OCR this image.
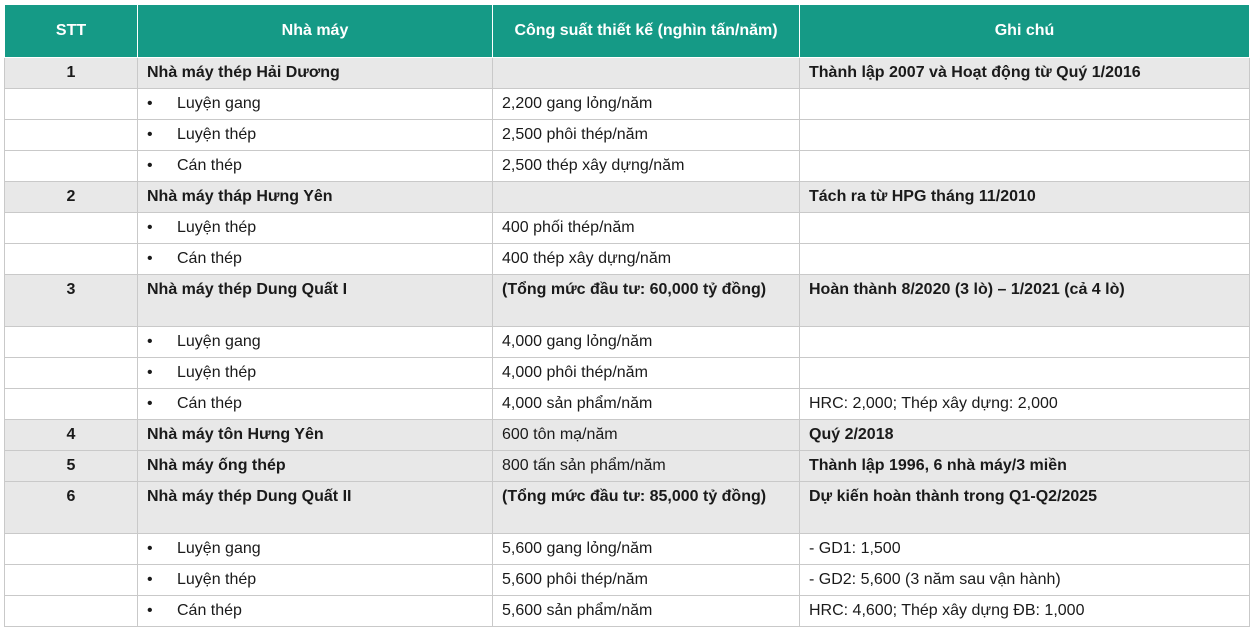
STT	Nhà máy	Công suất thiết kế (nghìn tấn/năm)	Ghi chú
1	Nhà máy thép Hải Dương		Thành lập 2007 và Hoạt động từ Quý 1/2016
	• Luyện gang	2,200 gang lỏng/năm	
	• Luyện thép	2,500 phôi thép/năm	
	• Cán thép	2,500 thép xây dựng/năm	
2	Nhà máy tháp Hưng Yên		Tách ra từ HPG tháng 11/2010
	• Luyện thép	400 phối thép/năm	
	• Cán thép	400 thép xây dựng/năm	
3	Nhà máy thép Dung Quất I	(Tổng mức đầu tư: 60,000 tỷ đồng)	Hoàn thành 8/2020 (3 lò) – 1/2021 (cả 4 lò)
	• Luyện gang	4,000 gang lỏng/năm	
	• Luyện thép	4,000 phôi thép/năm	
	• Cán thép	4,000 sản phẩm/năm	HRC: 2,000; Thép xây dựng: 2,000
4	Nhà máy tôn Hưng Yên	600 tôn mạ/năm	Quý 2/2018
5	Nhà máy ống thép	800 tấn sản phẩm/năm	Thành lập 1996, 6 nhà máy/3 miền
6	Nhà máy thép Dung Quất II	(Tổng mức đầu tư: 85,000 tỷ đồng)	Dự kiến hoàn thành trong Q1-Q2/2025
	• Luyện gang	5,600 gang lỏng/năm	- GD1: 1,500
	• Luyện thép	5,600 phôi thép/năm	- GD2: 5,600 (3 năm sau vận hành)
	• Cán thép	5,600 sản phẩm/năm	HRC: 4,600; Thép xây dựng ĐB: 1,000
